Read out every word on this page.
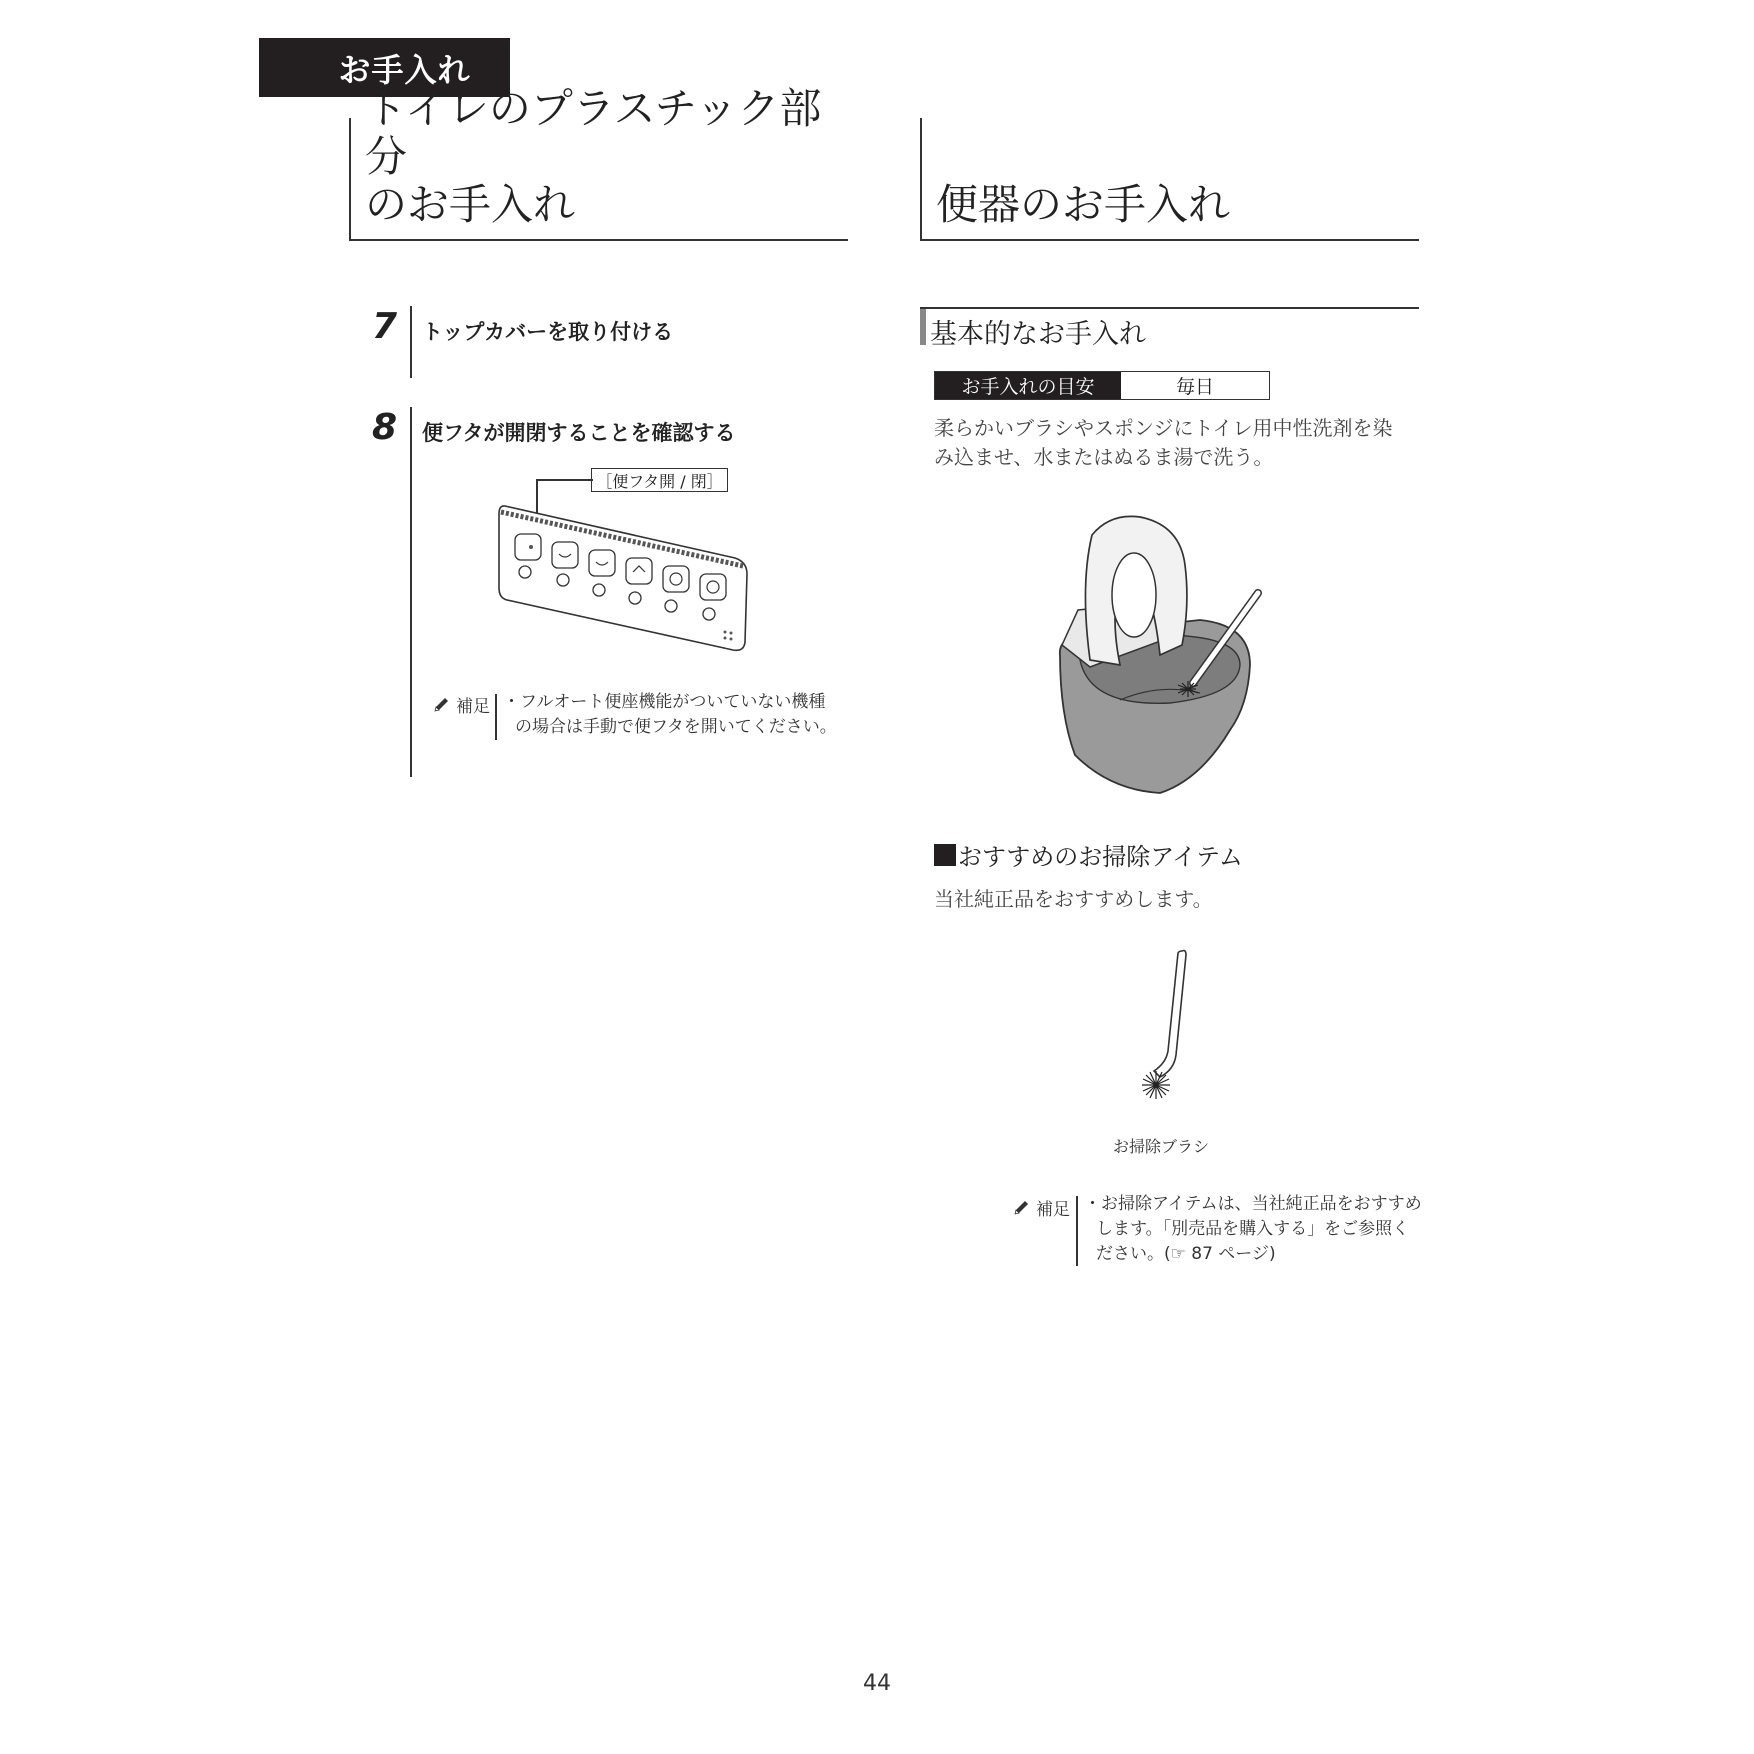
お手入れ
トイレのプラスチック部分
のお手入れ	便器のお手入れ
7 トップカバーを取り付ける
8 便フタが開閉することを確認する
［便フタ開 / 閉］
補足 ・フルオート便座機能がついていない機種
の場合は手動で便フタを開いてください。
基本的なお手入れ
お手入れの目安	毎日
柔らかいブラシやスポンジにトイレ用中性洗剤を染
み込ませ、水またはぬるま湯で洗う。
おすすめのお掃除アイテム
当社純正品をおすすめします。
お掃除ブラシ
補足 ・お掃除アイテムは、当社純正品をおすすめ
します。「別売品を購入する」をご参照く
ださい。(☞ 87 ページ)
44
